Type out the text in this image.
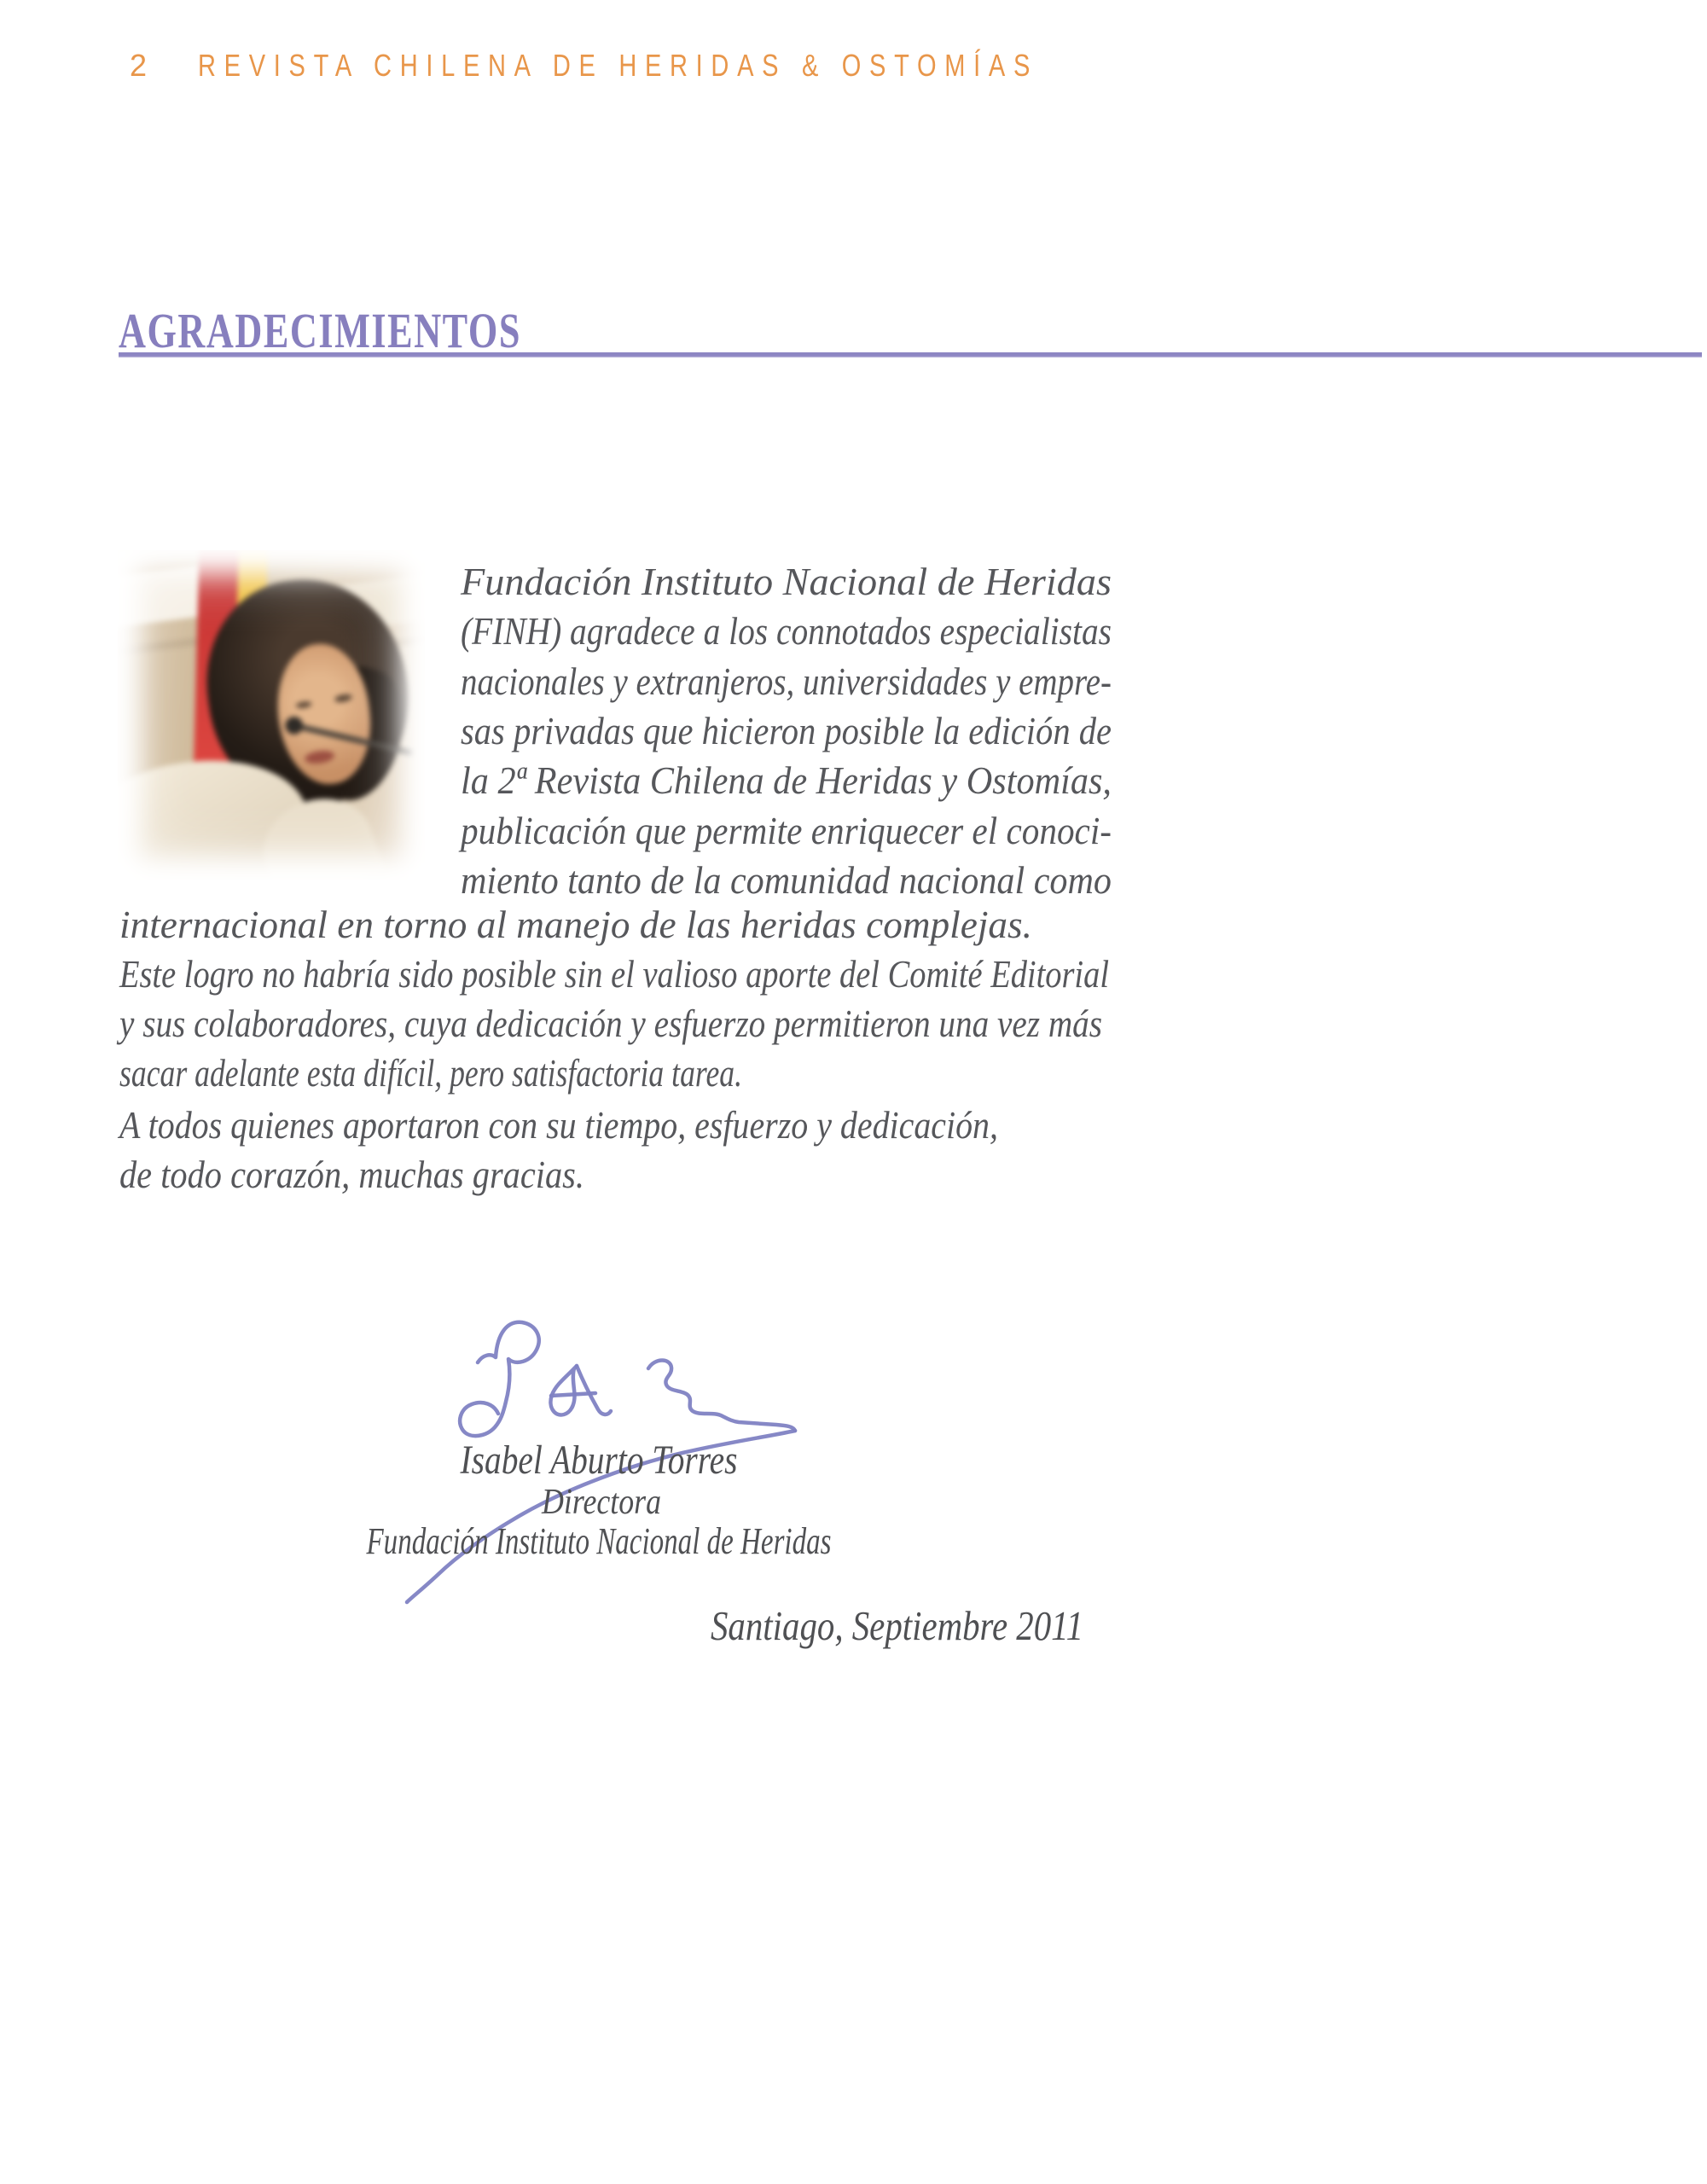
2 REVISTA CHILENA DE HERIDAS & OSTOMÍAS
AGRADECIMIENTOS
Fundación Instituto Nacional de Heridas
(FINH) agradece a los connotados especialistas
nacionales y extranjeros, universidades y empre-
sas privadas que hicieron posible la edición de
la 2ª Revista Chilena de Heridas y Ostomías,
publicación que permite enriquecer el conoci-
miento tanto de la comunidad nacional como
internacional en torno al manejo de las heridas complejas.
Este logro no habría sido posible sin el valioso aporte del Comité Editorial
y sus colaboradores, cuya dedicación y esfuerzo permitieron una vez más
sacar adelante esta difícil, pero satisfactoria tarea.
A todos quienes aportaron con su tiempo, esfuerzo y dedicación,
de todo corazón, muchas gracias.
Isabel Aburto Torres
Directora
Fundación Instituto Nacional de Heridas
Santiago, Septiembre 2011
